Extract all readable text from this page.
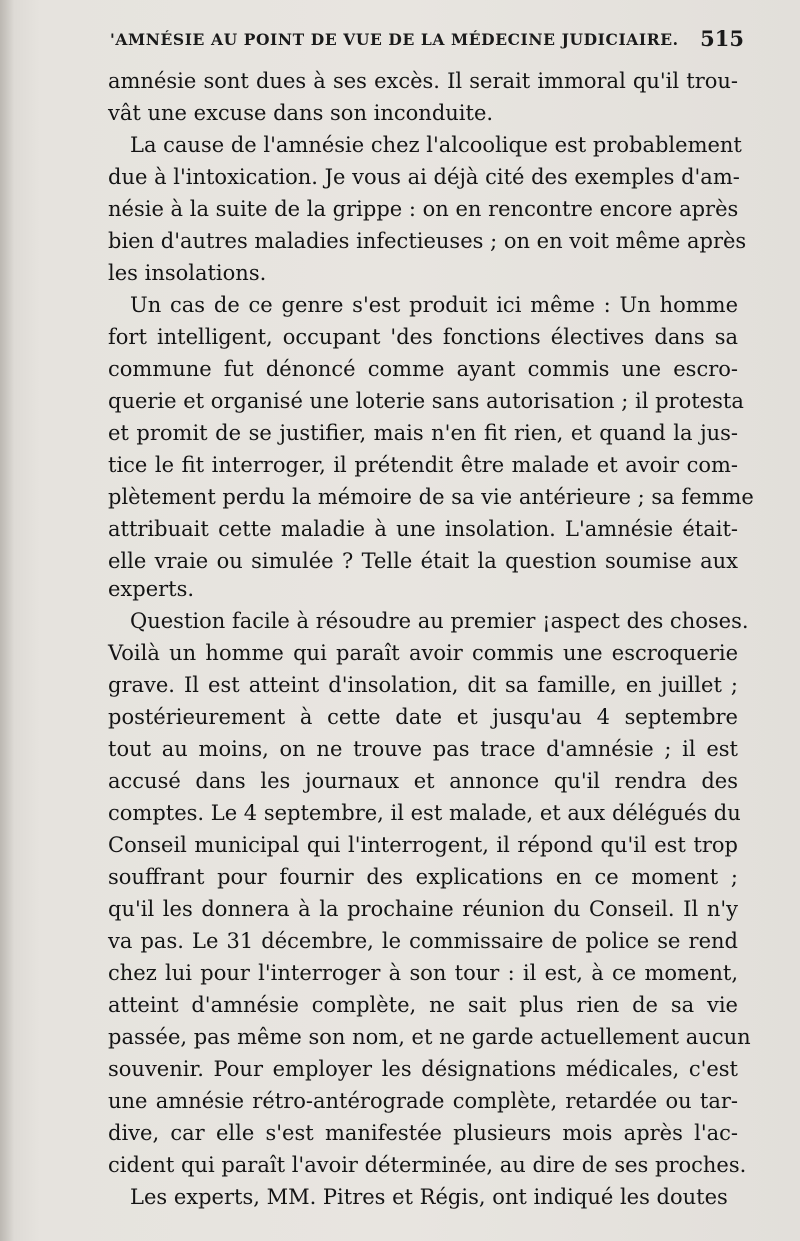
'AMNÉSIE AU POINT DE VUE DE LA MÉDECINE JUDICIAIRE. 515
amnésie sont dues à ses excès. Il serait immoral qu'il trou-
vât une excuse dans son inconduite.
La cause de l'amnésie chez l'alcoolique est probablement
due à l'intoxication. Je vous ai déjà cité des exemples d'am-
nésie à la suite de la grippe : on en rencontre encore après
bien d'autres maladies infectieuses ; on en voit même après
les insolations.
Un cas de ce genre s'est produit ici même : Un homme
fort intelligent, occupant 'des fonctions électives dans sa
commune fut dénoncé comme ayant commis une escro-
querie et organisé une loterie sans autorisation ; il protesta
et promit de se justifier, mais n'en fit rien, et quand la jus-
tice le fit interroger, il prétendit être malade et avoir com-
plètement perdu la mémoire de sa vie antérieure ; sa femme
attribuait cette maladie à une insolation. L'amnésie était-
elle vraie ou simulée ? Telle était la question soumise aux
experts.
Question facile à résoudre au premier ¡aspect des choses.
Voilà un homme qui paraît avoir commis une escroquerie
grave. Il est atteint d'insolation, dit sa famille, en juillet ;
postérieurement à cette date et jusqu'au 4 septembre
tout au moins, on ne trouve pas trace d'amnésie ; il est
accusé dans les journaux et annonce qu'il rendra des
comptes. Le 4 septembre, il est malade, et aux délégués du
Conseil municipal qui l'interrogent, il répond qu'il est trop
souffrant pour fournir des explications en ce moment ;
qu'il les donnera à la prochaine réunion du Conseil. Il n'y
va pas. Le 31 décembre, le commissaire de police se rend
chez lui pour l'interroger à son tour : il est, à ce moment,
atteint d'amnésie complète, ne sait plus rien de sa vie
passée, pas même son nom, et ne garde actuellement aucun
souvenir. Pour employer les désignations médicales, c'est
une amnésie rétro-antérograde complète, retardée ou tar-
dive, car elle s'est manifestée plusieurs mois après l'ac-
cident qui paraît l'avoir déterminée, au dire de ses proches.
Les experts, MM. Pitres et Régis, ont indiqué les doutes
